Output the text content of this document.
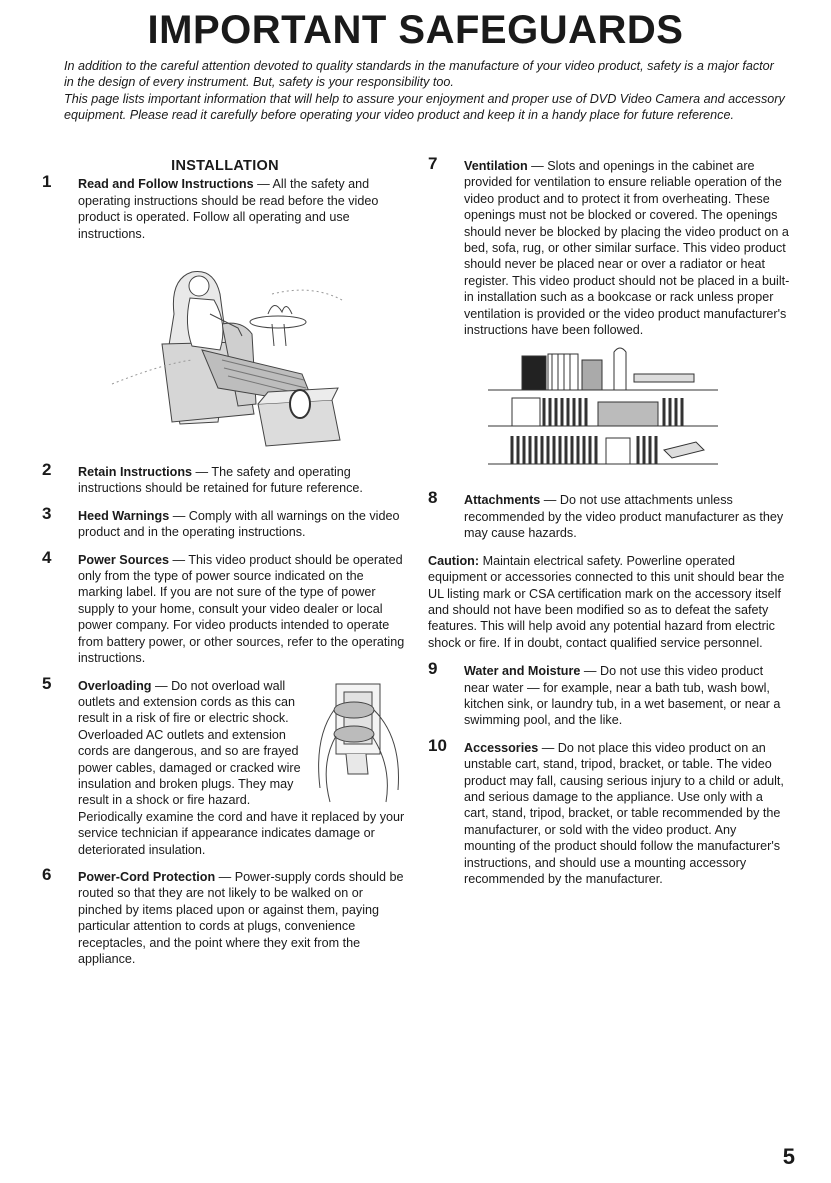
IMPORTANT SAFEGUARDS

In addition to the careful attention devoted to quality standards in the manufacture of your video product, safety is a major factor in the design of every instrument. But, safety is your responsibility too.

This page lists important information that will help to assure your enjoyment and proper use of DVD Video Camera and accessory equipment. Please read it carefully before operating your video product and keep it in a handy place for future reference.

INSTALLATION
1 Read and Follow Instructions — All the safety and operating instructions should be read before the video product is operated. Follow all operating and use instructions.
2 Retain Instructions — The safety and operating instructions should be retained for future reference.
3 Heed Warnings — Comply with all warnings on the video product and in the operating instructions.
4 Power Sources — This video product should be operated only from the type of power source indicated on the marking label. If you are not sure of the type of power supply to your home, consult your video dealer or local power company. For video products intended to operate from battery power, or other sources, refer to the operating instructions.
5 Overloading — Do not overload wall outlets and extension cords as this can result in a risk of fire or electric shock. Overloaded AC outlets and extension cords are dangerous, and so are frayed power cables, damaged or cracked wire insulation and broken plugs. They may result in a shock or fire hazard. Periodically examine the cord and have it replaced by your service technician if appearance indicates damage or deteriorated insulation.
6 Power-Cord Protection — Power-supply cords should be routed so that they are not likely to be walked on or pinched by items placed upon or against them, paying particular attention to cords at plugs, convenience receptacles, and the point where they exit from the appliance.
7 Ventilation — Slots and openings in the cabinet are provided for ventilation to ensure reliable operation of the video product and to protect it from overheating. These openings must not be blocked or covered. The openings should never be blocked by placing the video product on a bed, sofa, rug, or other similar surface. This video product should never be placed near or over a radiator or heat register. This video product should not be placed in a built-in installation such as a bookcase or rack unless proper ventilation is provided or the video product manufacturer's instructions have been followed.
8 Attachments — Do not use attachments unless recommended by the video product manufacturer as they may cause hazards.
Caution: Maintain electrical safety. Powerline operated equipment or accessories connected to this unit should bear the UL listing mark or CSA certification mark on the accessory itself and should not have been modified so as to defeat the safety features. This will help avoid any potential hazard from electric shock or fire. If in doubt, contact qualified service personnel.
9 Water and Moisture — Do not use this video product near water — for example, near a bath tub, wash bowl, kitchen sink, or laundry tub, in a wet basement, or near a swimming pool, and the like.
10 Accessories — Do not place this video product on an unstable cart, stand, tripod, bracket, or table. The video product may fall, causing serious injury to a child or adult, and serious damage to the appliance. Use only with a cart, stand, tripod, bracket, or table recommended by the manufacturer, or sold with the video product. Any mounting of the product should follow the manufacturer's instructions, and should use a mounting accessory recommended by the manufacturer.
5
